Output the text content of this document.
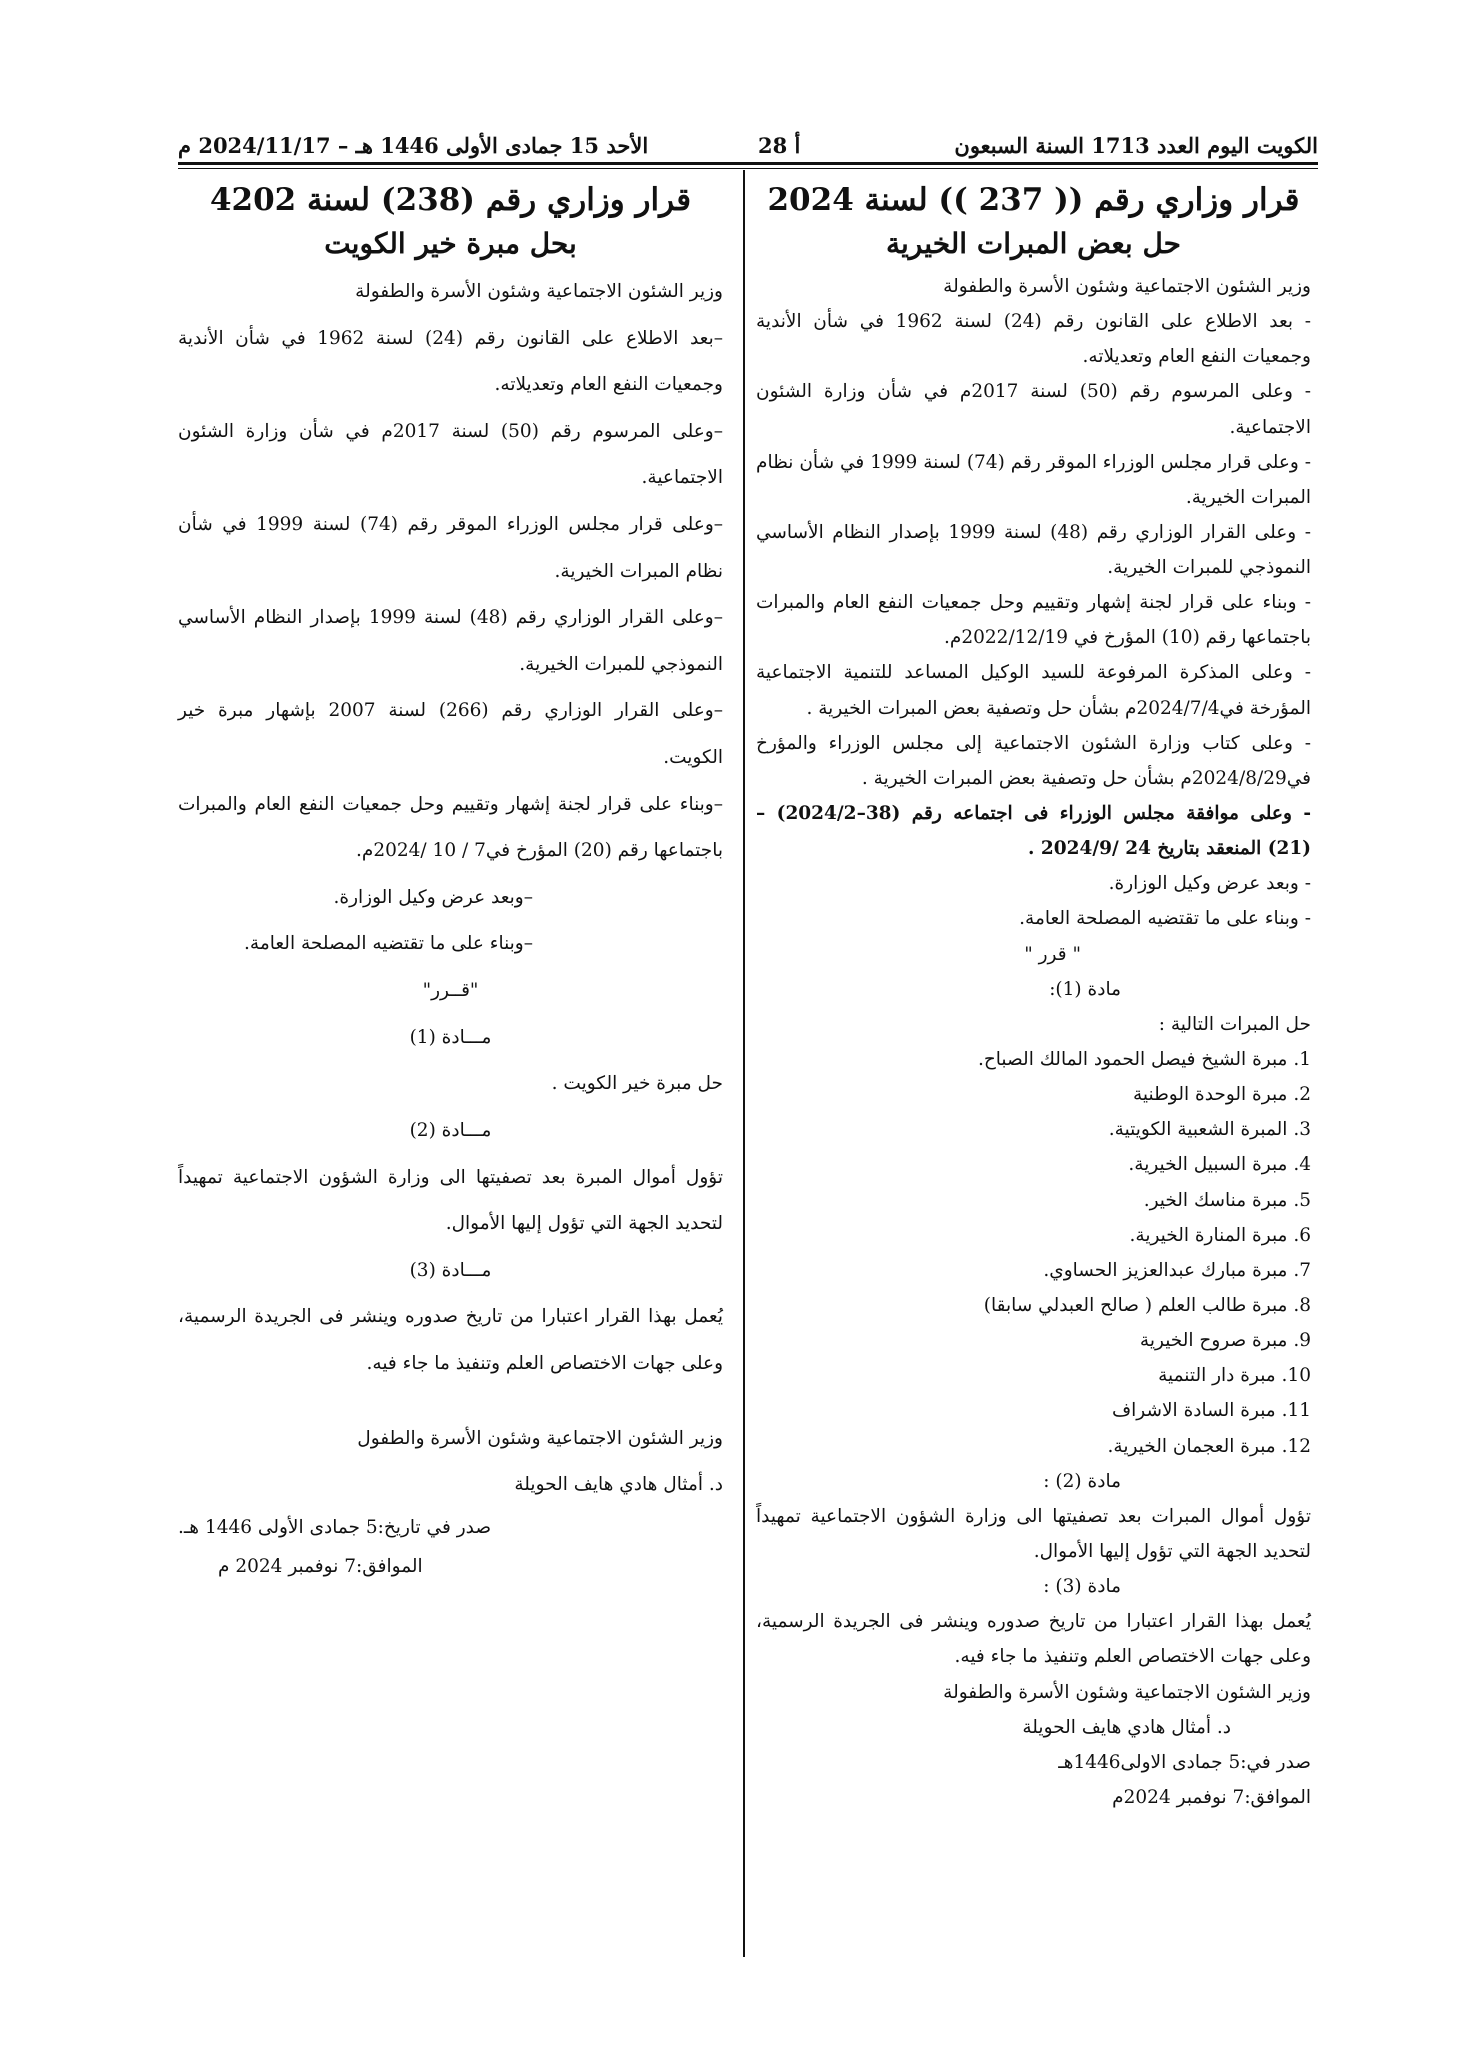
الكويت اليوم العدد 1713 السنة السبعون
أ 28
الأحد 15 جمادى الأولى 1446 هـ – 2024/11/17 م
قرار وزاري رقم (( 237 )) لسنة 2024
حل بعض المبرات الخيرية

وزير الشئون الاجتماعية وشئون الأسرة والطفولة

- بعد الاطلاع على القانون رقم (24) لسنة 1962 في شأن الأندية وجمعيات النفع العام وتعديلاته.

- وعلى المرسوم رقم (50) لسنة 2017م في شأن وزارة الشئون الاجتماعية.

- وعلى قرار مجلس الوزراء الموقر رقم (74) لسنة 1999 في شأن نظام المبرات الخيرية.

- وعلى القرار الوزاري رقم (48) لسنة 1999 بإصدار النظام الأساسي النموذجي للمبرات الخيرية.

- وبناء على قرار لجنة إشهار وتقييم وحل جمعيات النفع العام والمبرات باجتماعها رقم (10) المؤرخ في 2022/12/19م.

- وعلى المذكرة المرفوعة للسيد الوكيل المساعد للتنمية الاجتماعية المؤرخة في2024/7/4م بشأن حل وتصفية بعض المبرات الخيرية .

- وعلى كتاب وزارة الشئون الاجتماعية إلى مجلس الوزراء والمؤرخ في2024/8/29م بشأن حل وتصفية بعض المبرات الخيرية .

- وعلى موافقة مجلس الوزراء فى اجتماعه رقم (38–2024/2) – (21) المنعقد بتاريخ 24 /2024/9 .

- وبعد عرض وكيل الوزارة.

- وبناء على ما تقتضيه المصلحة العامة.

" قرر "

مادة (1):

حل المبرات التالية :

1. مبرة الشيخ فيصل الحمود المالك الصباح.

2. مبرة الوحدة الوطنية

3. المبرة الشعبية الكويتية.

4. مبرة السبيل الخيرية.

5. مبرة مناسك الخير.

6. مبرة المنارة الخيرية.

7. مبرة مبارك عبدالعزيز الحساوي.

8. مبرة طالب العلم ( صالح العبدلي سابقا)

9. مبرة صروح الخيرية

10. مبرة دار التنمية

11. مبرة السادة الاشراف

12. مبرة العجمان الخيرية.

مادة (2) :

تؤول أموال المبرات بعد تصفيتها الى وزارة الشؤون الاجتماعية تمهيداً لتحديد الجهة التي تؤول إليها الأموال.

مادة (3) :

يُعمل بهذا القرار اعتبارا من تاريخ صدوره وينشر فى الجريدة الرسمية، وعلى جهات الاختصاص العلم وتنفيذ ما جاء فيه.

وزير الشئون الاجتماعية وشئون الأسرة والطفولة

د. أمثال هادي هايف الحويلة

صدر في:5 جمادى الاولى1446هـ

الموافق:7 نوفمبر 2024م

قرار وزاري رقم (238) لسنة 4202
بحل مبرة خير الكويت

وزير الشئون الاجتماعية وشئون الأسرة والطفولة

–بعد الاطلاع على القانون رقم (24) لسنة 1962 في شأن الأندية وجمعيات النفع العام وتعديلاته.

–وعلى المرسوم رقم (50) لسنة 2017م في شأن وزارة الشئون الاجتماعية.

–وعلى قرار مجلس الوزراء الموقر رقم (74) لسنة 1999 في شأن نظام المبرات الخيرية.

–وعلى القرار الوزاري رقم (48) لسنة 1999 بإصدار النظام الأساسي النموذجي للمبرات الخيرية.

–وعلى القرار الوزاري رقم (266) لسنة 2007 بإشهار مبرة خير الكويت.

–وبناء على قرار لجنة إشهار وتقييم وحل جمعيات النفع العام والمبرات باجتماعها رقم (20) المؤرخ في7 / 10 /2024م.

–وبعد عرض وكيل الوزارة.

–وبناء على ما تقتضيه المصلحة العامة.

"قــرر"

مـــادة (1)

حل مبرة خير الكويت .

مـــادة (2)

تؤول أموال المبرة بعد تصفيتها الى وزارة الشؤون الاجتماعية تمهيداً لتحديد الجهة التي تؤول إليها الأموال.

مـــادة (3)

يُعمل بهذا القرار اعتبارا من تاريخ صدوره وينشر فى الجريدة الرسمية، وعلى جهات الاختصاص العلم وتنفيذ ما جاء فيه.

وزير الشئون الاجتماعية وشئون الأسرة والطفول

د. أمثال هادي هايف الحويلة

صدر في تاريخ:5 جمادى الأولى 1446 هـ.

الموافق:7 نوفمبر 2024 م
